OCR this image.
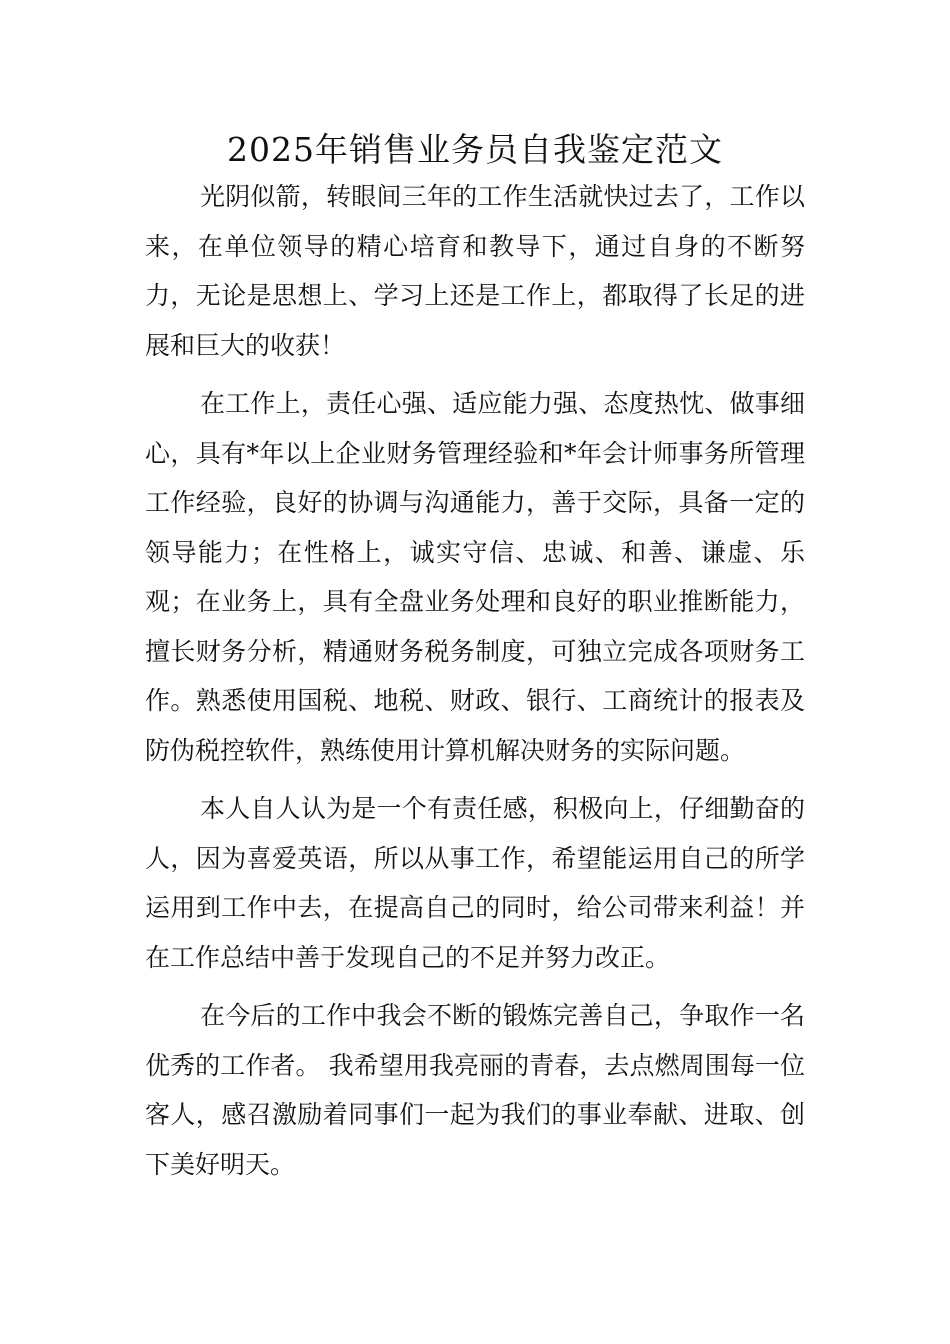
2025年销售业务员自我鉴定范文

光阴似箭，转眼间三年的工作生活就快过去了，工作以来，在单位领导的精心培育和教导下，通过自身的不断努力，无论是思想上、学习上还是工作上，都取得了长足的进展和巨大的收获！

在工作上，责任心强、适应能力强、态度热忱、做事细心，具有*年以上企业财务管理经验和*年会计师事务所管理工作经验，良好的协调与沟通能力，善于交际，具备一定的领导能力；在性格上，诚实守信、忠诚、和善、谦虚、乐观；在业务上，具有全盘业务处理和良好的职业推断能力，擅长财务分析，精通财务税务制度，可独立完成各项财务工作。熟悉使用国税、地税、财政、银行、工商统计的报表及防伪税控软件，熟练使用计算机解决财务的实际问题。

本人自人认为是一个有责任感，积极向上，仔细勤奋的人，因为喜爱英语，所以从事工作，希望能运用自己的所学运用到工作中去，在提高自己的同时，给公司带来利益！并在工作总结中善于发现自己的不足并努力改正。

在今后的工作中我会不断的锻炼完善自己，争取作一名优秀的工作者。 我希望用我亮丽的青春，去点燃周围每一位客人，感召激励着同事们一起为我们的事业奉献、进取、创下美好明天。
